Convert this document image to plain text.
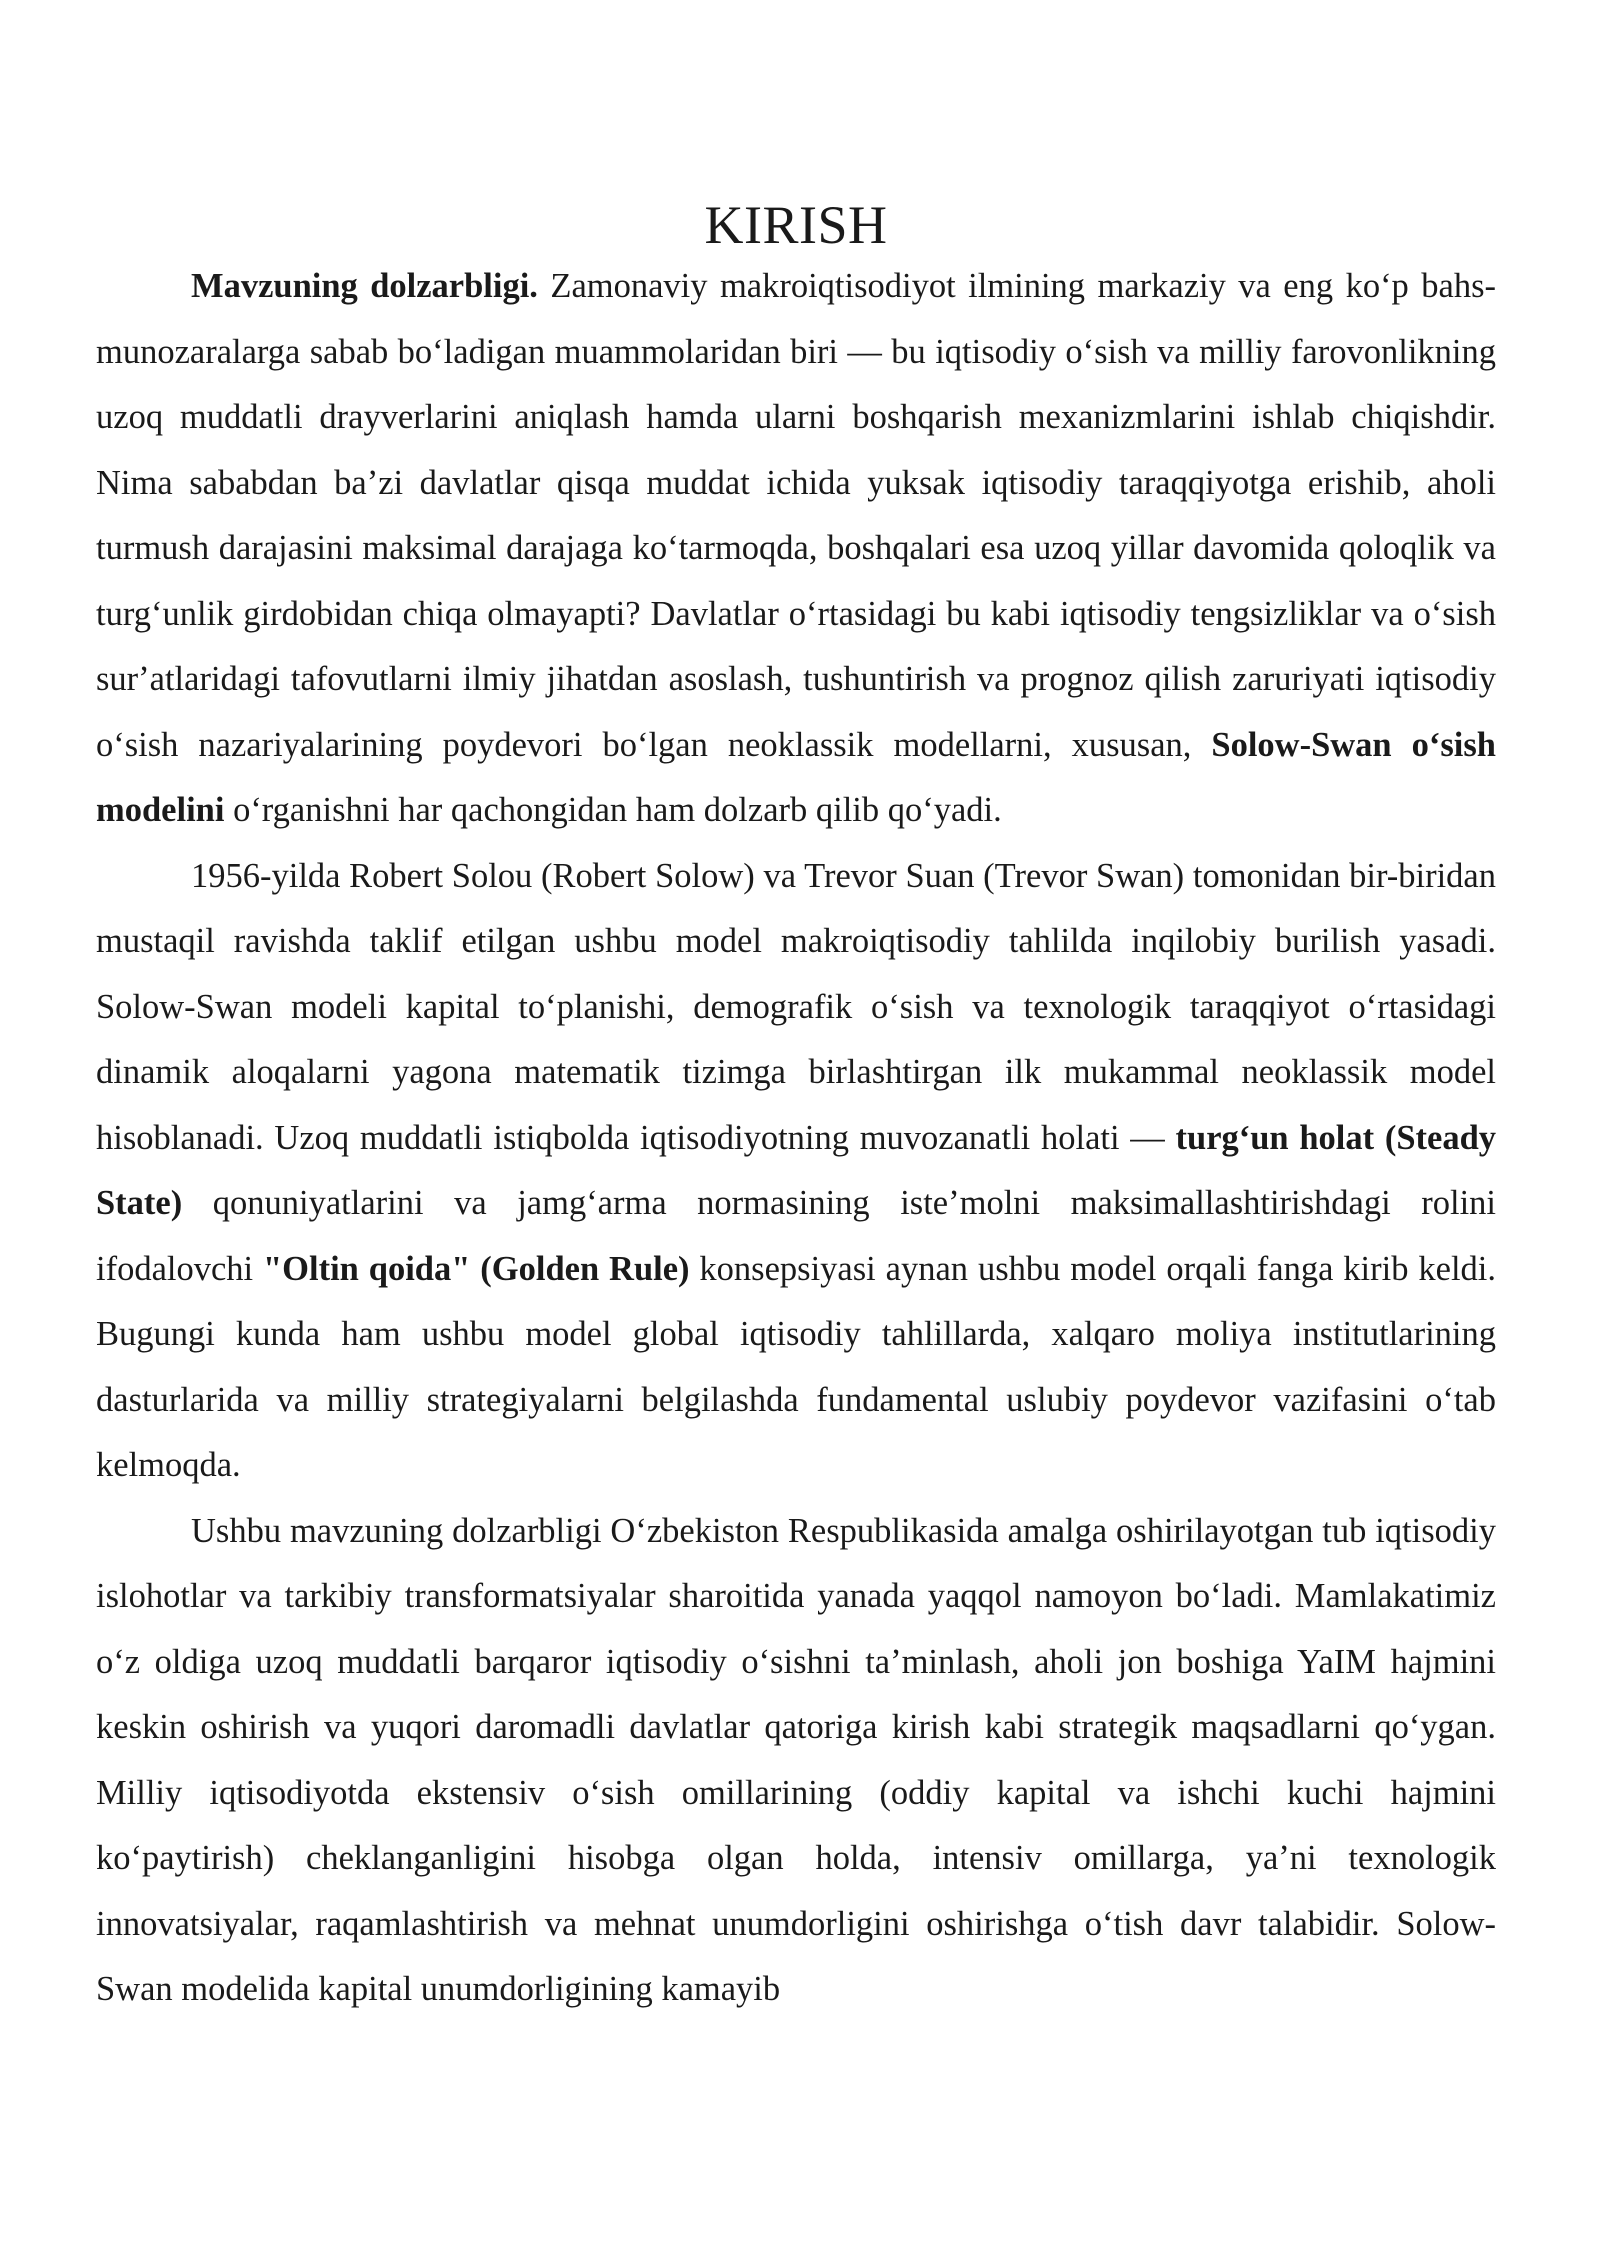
KIRISH

Mavzuning dolzarbligi. Zamonaviy makroiqtisodiyot ilmining markaziy va eng koʻp bahs-munozaralarga sabab boʻladigan muammolaridan biri — bu iqtisodiy oʻsish va milliy farovonlikning uzoq muddatli drayverlarini aniqlash hamda ularni boshqarish mexanizmlarini ishlab chiqishdir. Nima sababdan baʼzi davlatlar qisqa muddat ichida yuksak iqtisodiy taraqqiyotga erishib, aholi turmush darajasini maksimal darajaga koʻtarmoqda, boshqalari esa uzoq yillar davomida qoloqlik va turgʻunlik girdobidan chiqa olmayapti? Davlatlar oʻrtasidagi bu kabi iqtisodiy tengsizliklar va oʻsish surʼatlaridagi tafovutlarni ilmiy jihatdan asoslash, tushuntirish va prognoz qilish zaruriyati iqtisodiy oʻsish nazariyalarining poydevori boʻlgan neoklassik modellarni, xususan, Solow-Swan oʻsish modelini oʻrganishni har qachongidan ham dolzarb qilib qoʻyadi.

1956-yilda Robert Solou (Robert Solow) va Trevor Suan (Trevor Swan) tomonidan bir-biridan mustaqil ravishda taklif etilgan ushbu model makroiqtisodiy tahlilda inqilobiy burilish yasadi. Solow-Swan modeli kapital toʻplanishi, demografik oʻsish va texnologik taraqqiyot oʻrtasidagi dinamik aloqalarni yagona matematik tizimga birlashtirgan ilk mukammal neoklassik model hisoblanadi. Uzoq muddatli istiqbolda iqtisodiyotning muvozanatli holati — turgʻun holat (Steady State) qonuniyatlarini va jamgʻarma normasining isteʼmolni maksimallashtirishdagi rolini ifodalovchi "Oltin qoida" (Golden Rule) konsepsiyasi aynan ushbu model orqali fanga kirib keldi. Bugungi kunda ham ushbu model global iqtisodiy tahlillarda, xalqaro moliya institutlarining dasturlarida va milliy strategiyalarni belgilashda fundamental uslubiy poydevor vazifasini oʻtab kelmoqda.

Ushbu mavzuning dolzarbligi Oʻzbekiston Respublikasida amalga oshirilayotgan tub iqtisodiy islohotlar va tarkibiy transformatsiyalar sharoitida yanada yaqqol namoyon boʻladi. Mamlakatimiz oʻz oldiga uzoq muddatli barqaror iqtisodiy oʻsishni taʼminlash, aholi jon boshiga YaIM hajmini keskin oshirish va yuqori daromadli davlatlar qatoriga kirish kabi strategik maqsadlarni qoʻygan. Milliy iqtisodiyotda ekstensiv oʻsish omillarining (oddiy kapital va ishchi kuchi hajmini koʻpaytirish) cheklanganligini hisobga olgan holda, intensiv omillarga, yaʼni texnologik innovatsiyalar, raqamlashtirish va mehnat unumdorligini oshirishga oʻtish davr talabidir. Solow-Swan modelida kapital unumdorligining kamayib
